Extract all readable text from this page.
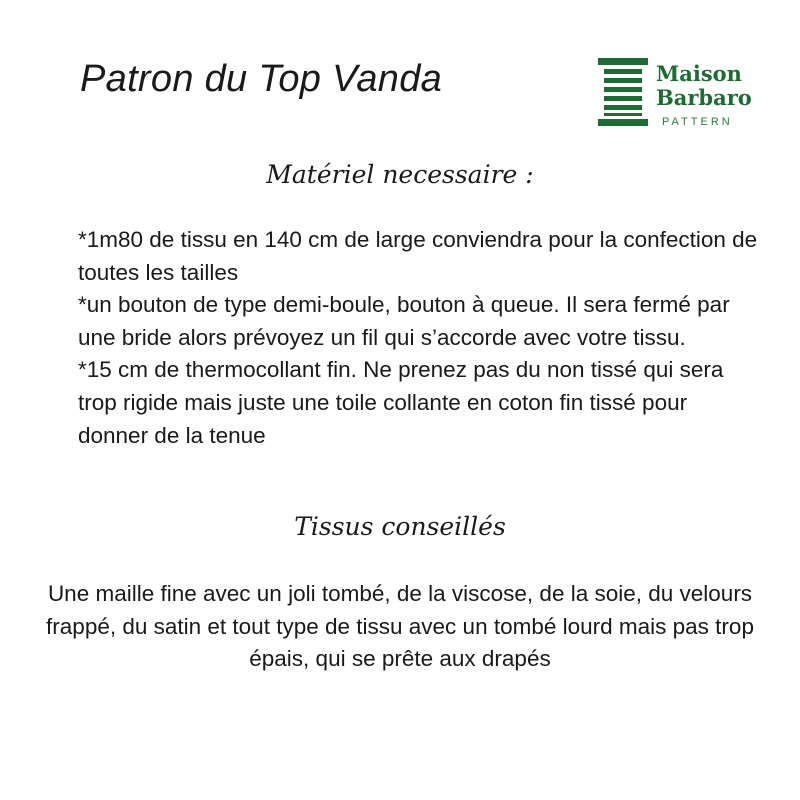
Patron du Top Vanda	Maison
Barbaro
PATTERN
Matériel necessaire :

*1m80 de tissu en 140 cm de large conviendra pour la confection de toutes les tailles

*un bouton de type demi-boule, bouton à queue. Il sera fermé par une bride alors prévoyez un fil qui s’accorde avec votre tissu.

*15 cm de thermocollant fin. Ne prenez pas du non tissé qui sera trop rigide mais juste une toile collante en coton fin tissé pour donner de la tenue

Tissus conseillés

Une maille fine avec un joli tombé, de la viscose, de la soie, du velours frappé, du satin et tout type de tissu avec un tombé lourd mais pas trop épais, qui se prête aux drapés
